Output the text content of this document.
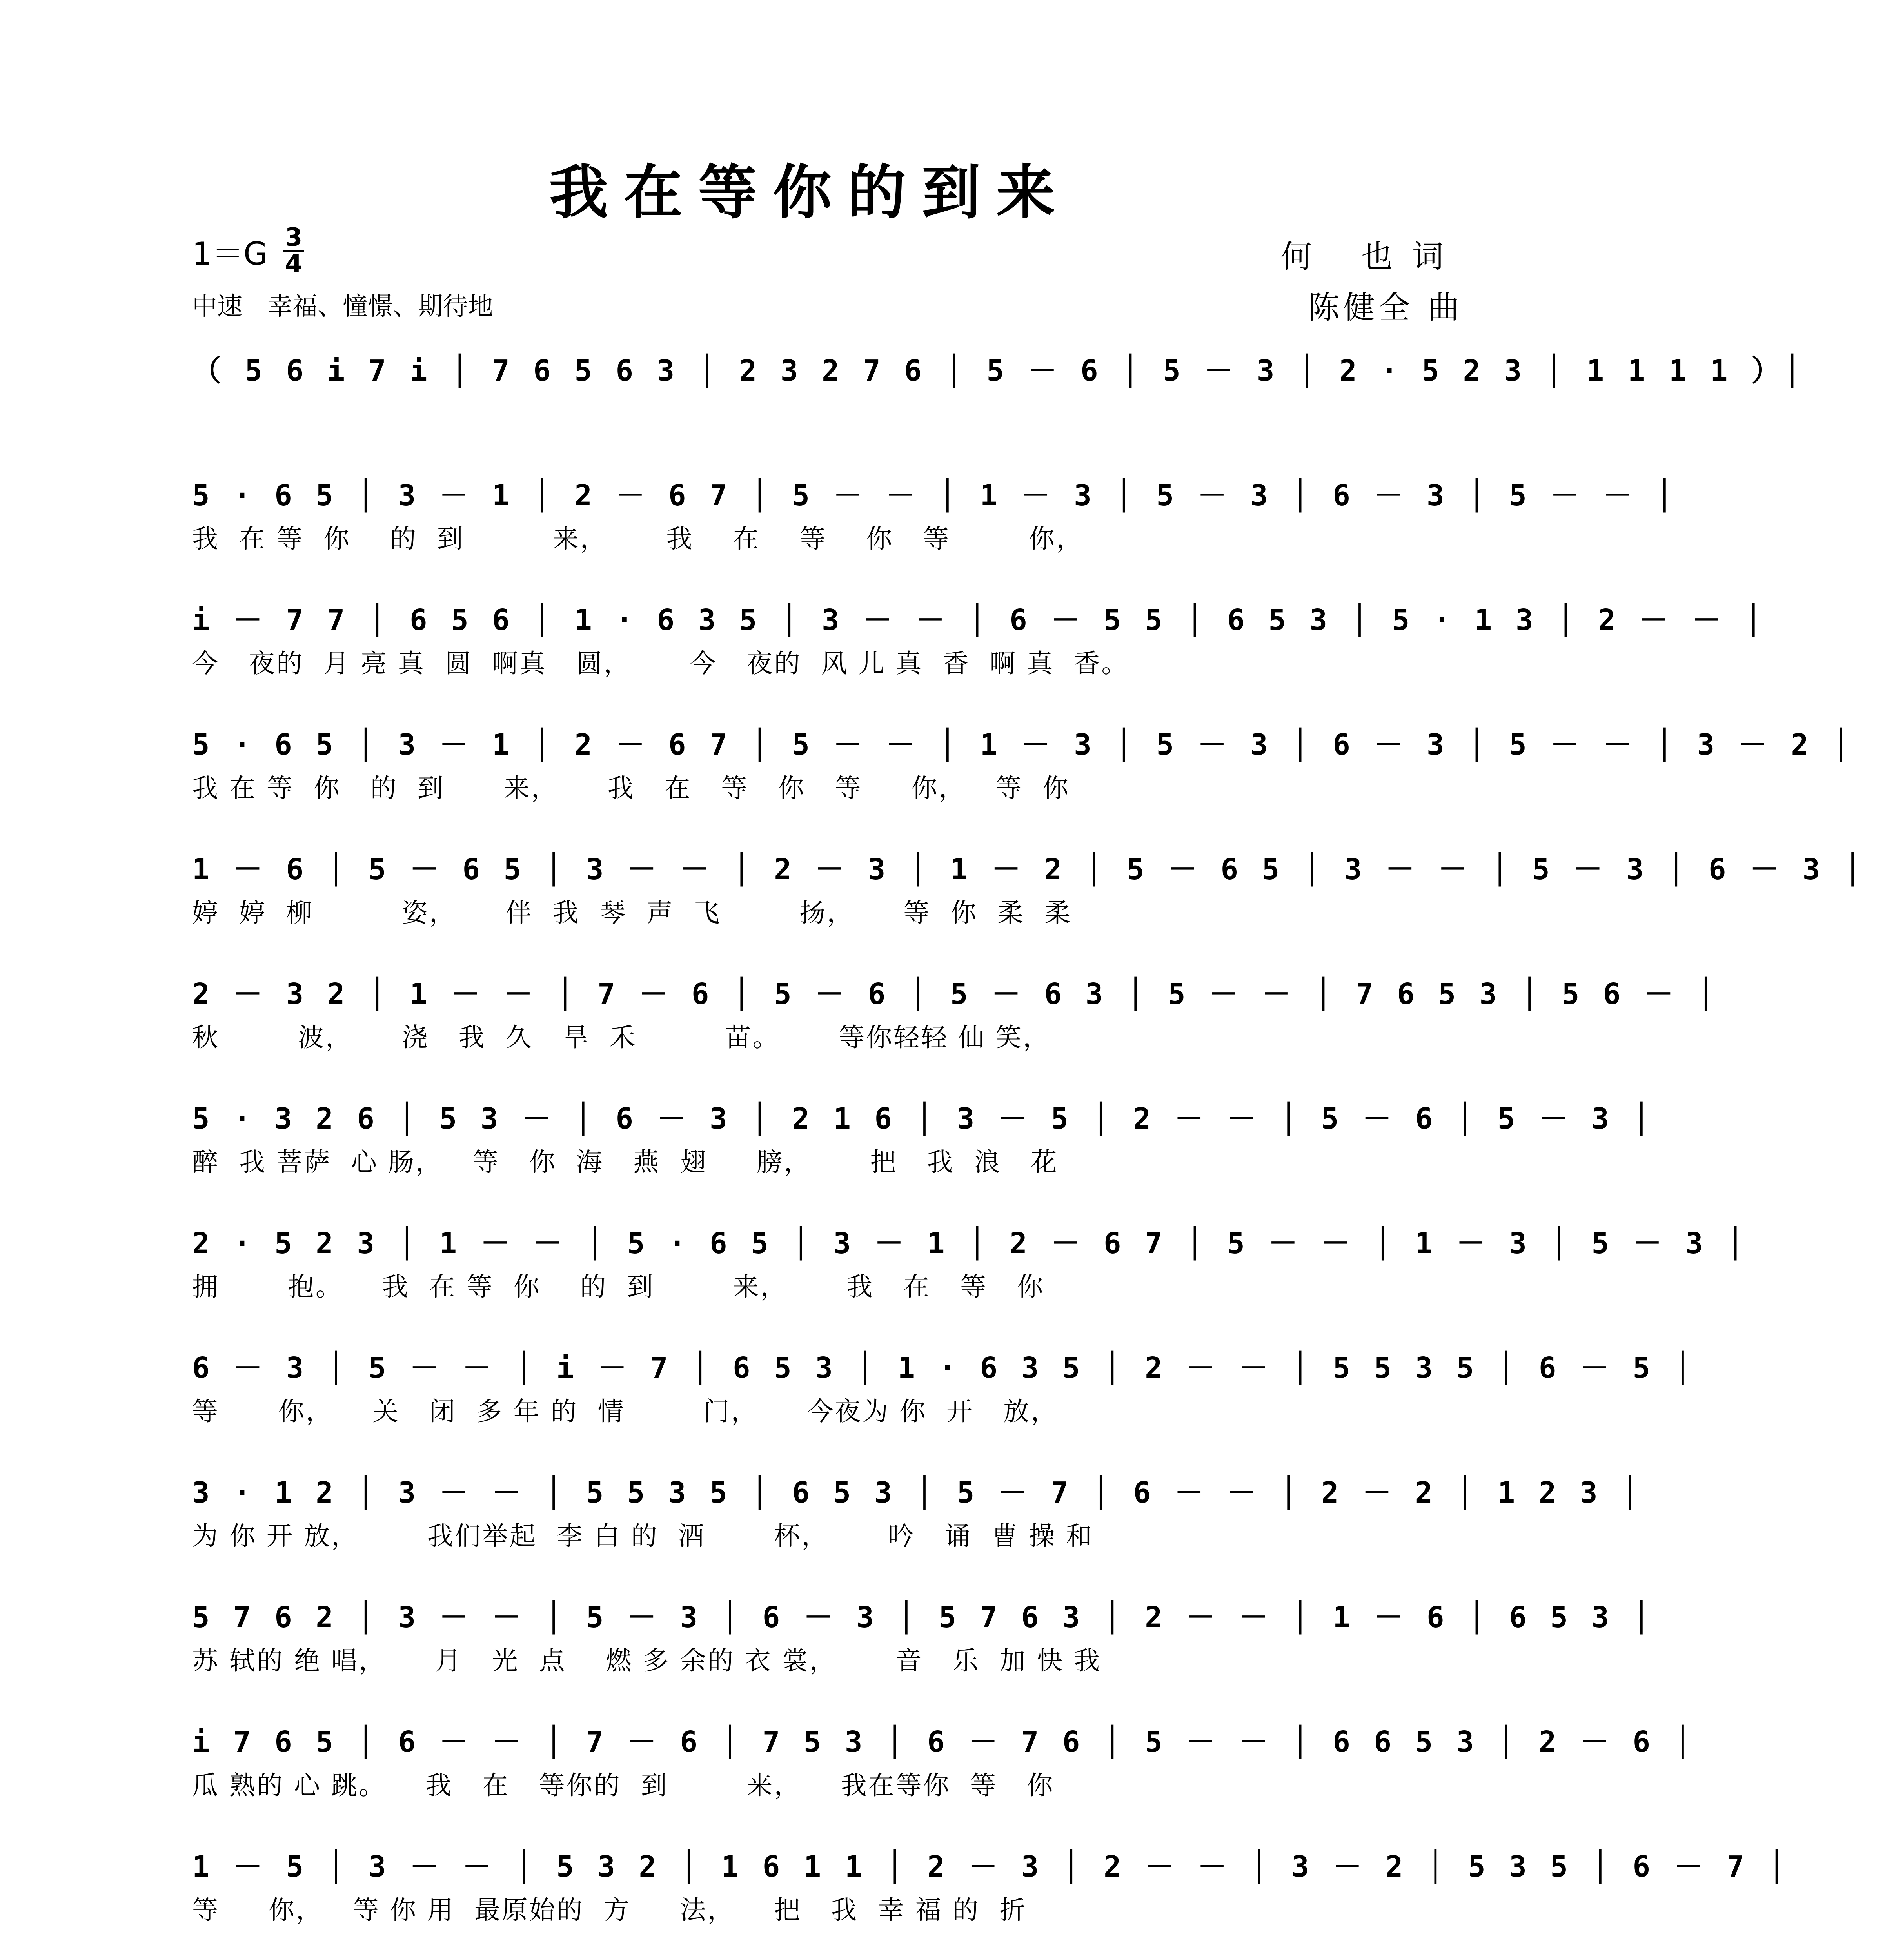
我在等你的到来
$1=G \frac{3}{4}$
中速　幸福、憧憬、期待地
何 也词
陈健全 曲
（ 5 6 i 7 i │ 7 6 5 6 3 │ 2 3 2 7 6 │ 5 － 6 │ 5 － 3 │ 2 · 5 2 3 │ 1 1 1 1 ）│
5 · 6 5 │ 3 － 1 │ 2 － 6 7 │ 5 － － │ 1 － 3 │ 5 － 3 │ 6 － 3 │ 5 － － │
我  在 等  你    的  到         来，      我    在    等    你   等        你，
i － 7 7 │ 6 5 6 │ 1 · 6 3 5 │ 3 － － │ 6 － 5 5 │ 6 5 3 │ 5 · 1 3 │ 2 － － │
今   夜的  月 亮 真  圆  啊真   圆，      今   夜的  风 儿 真  香  啊 真  香。
5 · 6 5 │ 3 － 1 │ 2 － 6 7 │ 5 － － │ 1 － 3 │ 5 － 3 │ 6 － 3 │ 5 － － │ 3 － 2 │
我 在 等  你   的  到      来，     我   在   等   你   等     你，   等  你
1 － 6 │ 5 － 6 5 │ 3 － － │ 2 － 3 │ 1 － 2 │ 5 － 6 5 │ 3 － － │ 5 － 3 │ 6 － 3 │
婷  婷  柳         姿，     伴  我  琴  声  飞        扬，     等  你  柔  柔
2 － 3 2 │ 1 － － │ 7 － 6 │ 5 － 6 │ 5 － 6 3 │ 5 － － │ 7 6 5 3 │ 5 6 － │
秋        波，     浇   我  久   旱  禾         苗。      等你轻轻 仙 笑，
5 · 3 2 6 │ 5 3 － │ 6 － 3 │ 2 1 6 │ 3 － 5 │ 2 － － │ 5 － 6 │ 5 － 3 │
醉  我 菩萨  心 肠，   等   你  海   燕  翅     膀，      把   我  浪   花
2 · 5 2 3 │ 1 － － │ 5 · 6 5 │ 3 － 1 │ 2 － 6 7 │ 5 － － │ 1 － 3 │ 5 － 3 │
拥       抱。    我  在 等  你    的  到        来，      我   在   等   你
6 － 3 │ 5 － － │ i － 7 │ 6 5 3 │ 1 · 6 3 5 │ 2 － － │ 5 5 3 5 │ 6 － 5 │
等      你，    关   闭  多 年 的  情        门，     今夜为 你  开   放，
3 · 1 2 │ 3 － － │ 5 5 3 5 │ 6 5 3 │ 5 － 7 │ 6 － － │ 2 － 2 │ 1 2 3 │
为 你 开 放，       我们举起  李 白 的  酒       杯，      吟   诵  曹 操 和
5 7 6 2 │ 3 － － │ 5 － 3 │ 6 － 3 │ 5 7 6 3 │ 2 － － │ 1 － 6 │ 6 5 3 │
苏 轼的 绝 唱，     月   光  点    燃 多 余的 衣 裳，      音   乐  加 快 我
i 7 6 5 │ 6 － － │ 7 － 6 │ 7 5 3 │ 6 － 7 6 │ 5 － － │ 6 6 5 3 │ 2 － 6 │
瓜 熟的 心 跳。    我   在   等你的  到        来，    我在等你  等   你
1 － 5 │ 3 － － │ 5 3 2 │ 1 6 1 1 │ 2 － 3 │ 2 － － │ 3 － 2 │ 5 3 5 │ 6 － 7 │
等     你，   等 你 用  最原始的  方     法，    把   我  幸 福 的  折
